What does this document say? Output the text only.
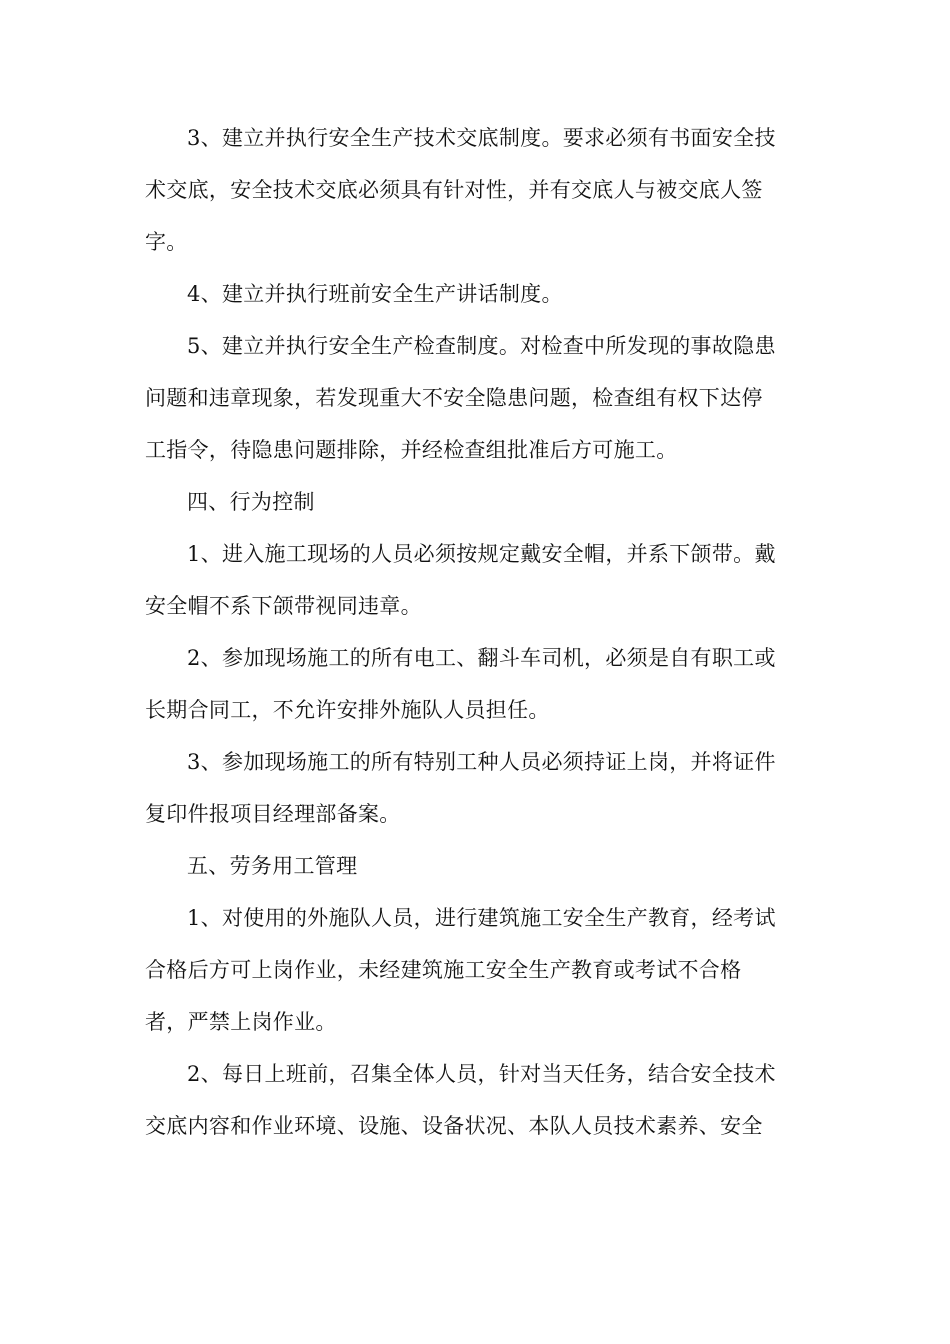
3、建立并执行安全生产技术交底制度。要求必须有书面安全技
术交底，安全技术交底必须具有针对性，并有交底人与被交底人签
字。
4、建立并执行班前安全生产讲话制度。
5、建立并执行安全生产检查制度。对检查中所发现的事故隐患
问题和违章现象，若发现重大不安全隐患问题，检查组有权下达停
工指令，待隐患问题排除，并经检查组批准后方可施工。
四、行为控制
1、进入施工现场的人员必须按规定戴安全帽，并系下颌带。戴
安全帽不系下颌带视同违章。
2、参加现场施工的所有电工、翻斗车司机，必须是自有职工或
长期合同工，不允许安排外施队人员担任。
3、参加现场施工的所有特别工种人员必须持证上岗，并将证件
复印件报项目经理部备案。
五、劳务用工管理
1、对使用的外施队人员，进行建筑施工安全生产教育，经考试
合格后方可上岗作业，未经建筑施工安全生产教育或考试不合格
者，严禁上岗作业。
2、每日上班前，召集全体人员，针对当天任务，结合安全技术
交底内容和作业环境、设施、设备状况、本队人员技术素养、安全
